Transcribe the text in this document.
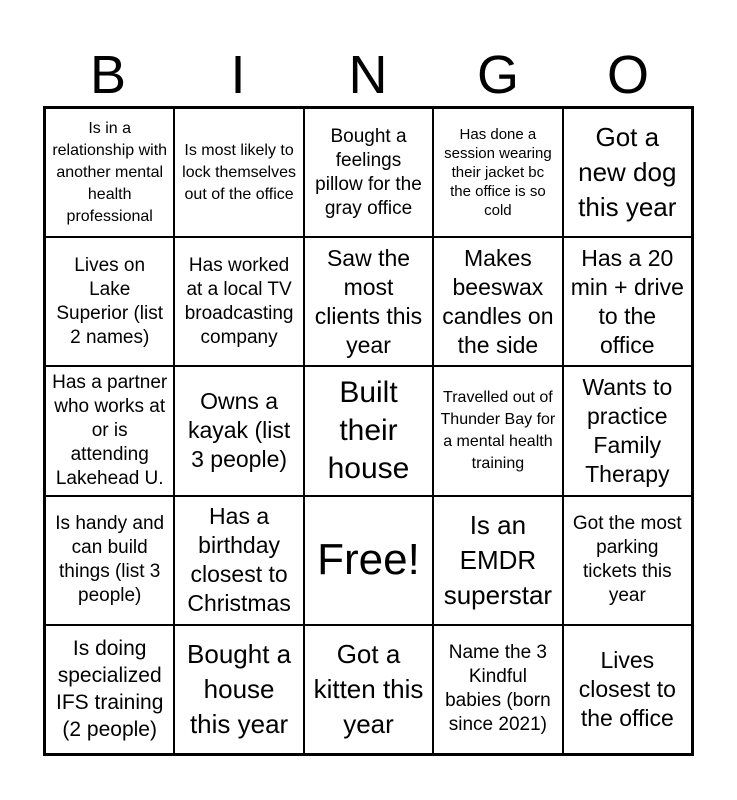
B	I	N	G	O
Is in a relationship with another mental health professional
Is most likely to lock themselves out of the office
Bought a feelings pillow for the gray office
Has done a session wearing their jacket bc the office is so cold
Got a new dog this year
Lives on Lake Superior (list 2 names)
Has worked at a local TV broadcasting company
Saw the most clients this year
Makes beeswax candles on the side
Has a 20 min + drive to the office
Has a partner who works at or is attending Lakehead U.
Owns a kayak (list 3 people)
Built their house
Travelled out of Thunder Bay for a mental health training
Wants to practice Family Therapy
Is handy and can build things (list 3 people)
Has a birthday closest to Christmas
Free!
Is an EMDR superstar
Got the most parking tickets this year
Is doing specialized IFS training (2 people)
Bought a house this year
Got a kitten this year
Name the 3 Kindful babies (born since 2021)
Lives closest to the office
